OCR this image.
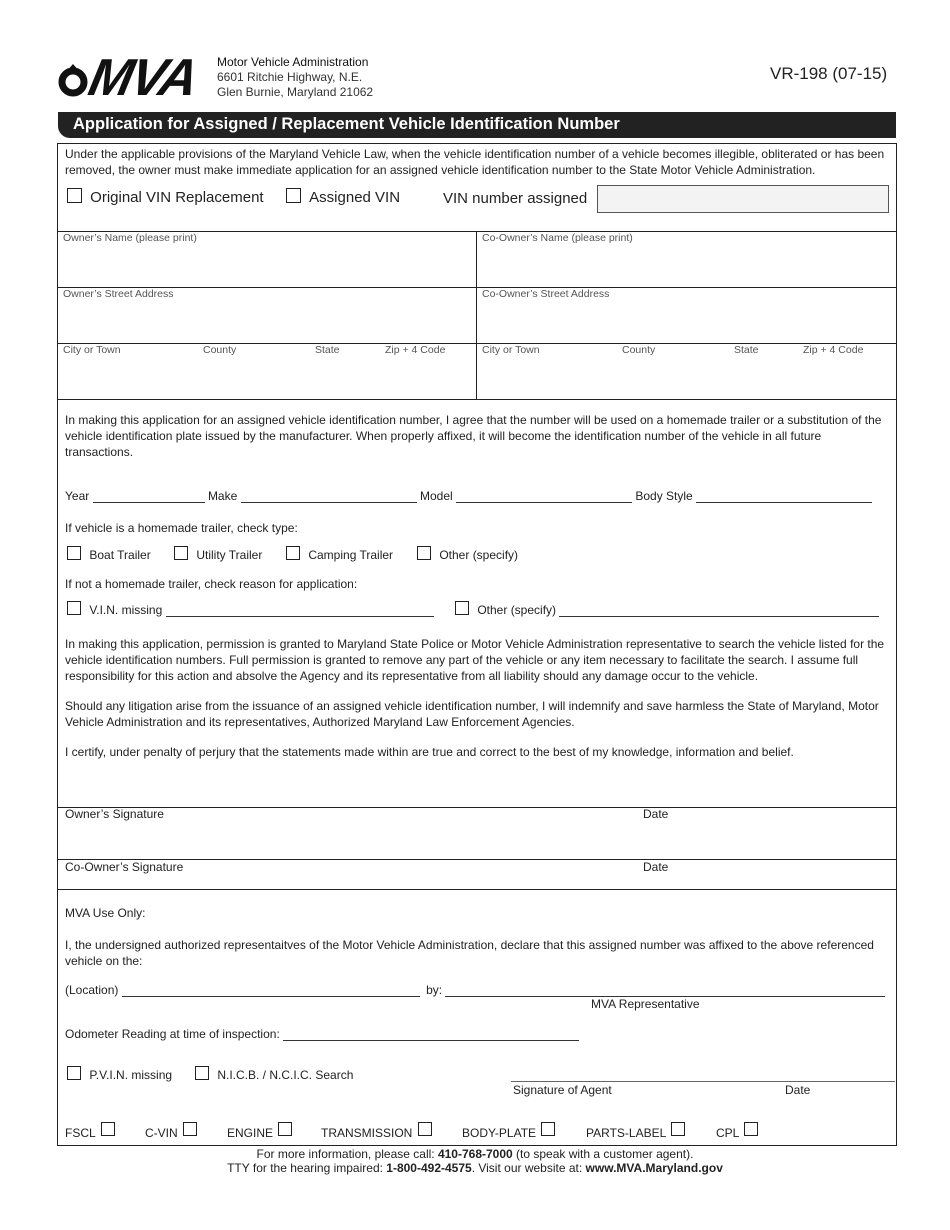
MVA Motor Vehicle Administration
6601 Ritchie Highway, N.E.
Glen Burnie, Maryland 21062
VR-198 (07-15)
Application for Assigned / Replacement Vehicle Identification Number
Under the applicable provisions of the Maryland Vehicle Law, when the vehicle identification number of a vehicle becomes illegible, obliterated or has been removed, the owner must make immediate application for an assigned vehicle identification number to the State Motor Vehicle Administration.
Original VIN Replacement	Assigned VIN	VIN number assigned
Owner’s Name (please print)
Owner’s Street Address
City or Town	County	State	Zip + 4 Code
Co-Owner’s Name (please print)
Co-Owner’s Street Address
City or Town	County	State	Zip + 4 Code
In making this application for an assigned vehicle identification number, I agree that the number will be used on a homemade trailer or a substitution of the vehicle identification plate issued by the manufacturer. When properly affixed, it will become the identification number of the vehicle in all future transactions.
Year	Make	Model	Body Style
If vehicle is a homemade trailer, check type:
Boat Trailer	Utility Trailer	Camping Trailer	Other (specify)
If not a homemade trailer, check reason for application:
V.I.N. missing	Other (specify)
In making this application, permission is granted to Maryland State Police or Motor Vehicle Administration representative to search the vehicle listed for the vehicle identification numbers. Full permission is granted to remove any part of the vehicle or any item necessary to facilitate the search. I assume full responsibility for this action and absolve the Agency and its representative from all liability should any damage occur to the vehicle.
Should any litigation arise from the issuance of an assigned vehicle identification number, I will indemnify and save harmless the State of Maryland, Motor Vehicle Administration and its representatives, Authorized Maryland Law Enforcement Agencies.
I certify, under penalty of perjury that the statements made within are true and correct to the best of my knowledge, information and belief.
Owner’s Signature	Date
Co-Owner’s Signature	Date
MVA Use Only:
I, the undersigned authorized representaitves of the Motor Vehicle Administration, declare that this assigned number was affixed to the above referenced vehicle on the:
(Location)	by:
MVA Representative
Odometer Reading at time of inspection:
P.V.I.N. missing	N.I.C.B. / N.C.I.C. Search
Signature of Agent	Date
FSCL	C-VIN	ENGINE	TRANSMISSION	BODY-PLATE	PARTS-LABEL	CPL
For more information, please call: 410-768-7000 (to speak with a customer agent).
TTY for the hearing impaired: 1-800-492-4575. Visit our website at: www.MVA.Maryland.gov
